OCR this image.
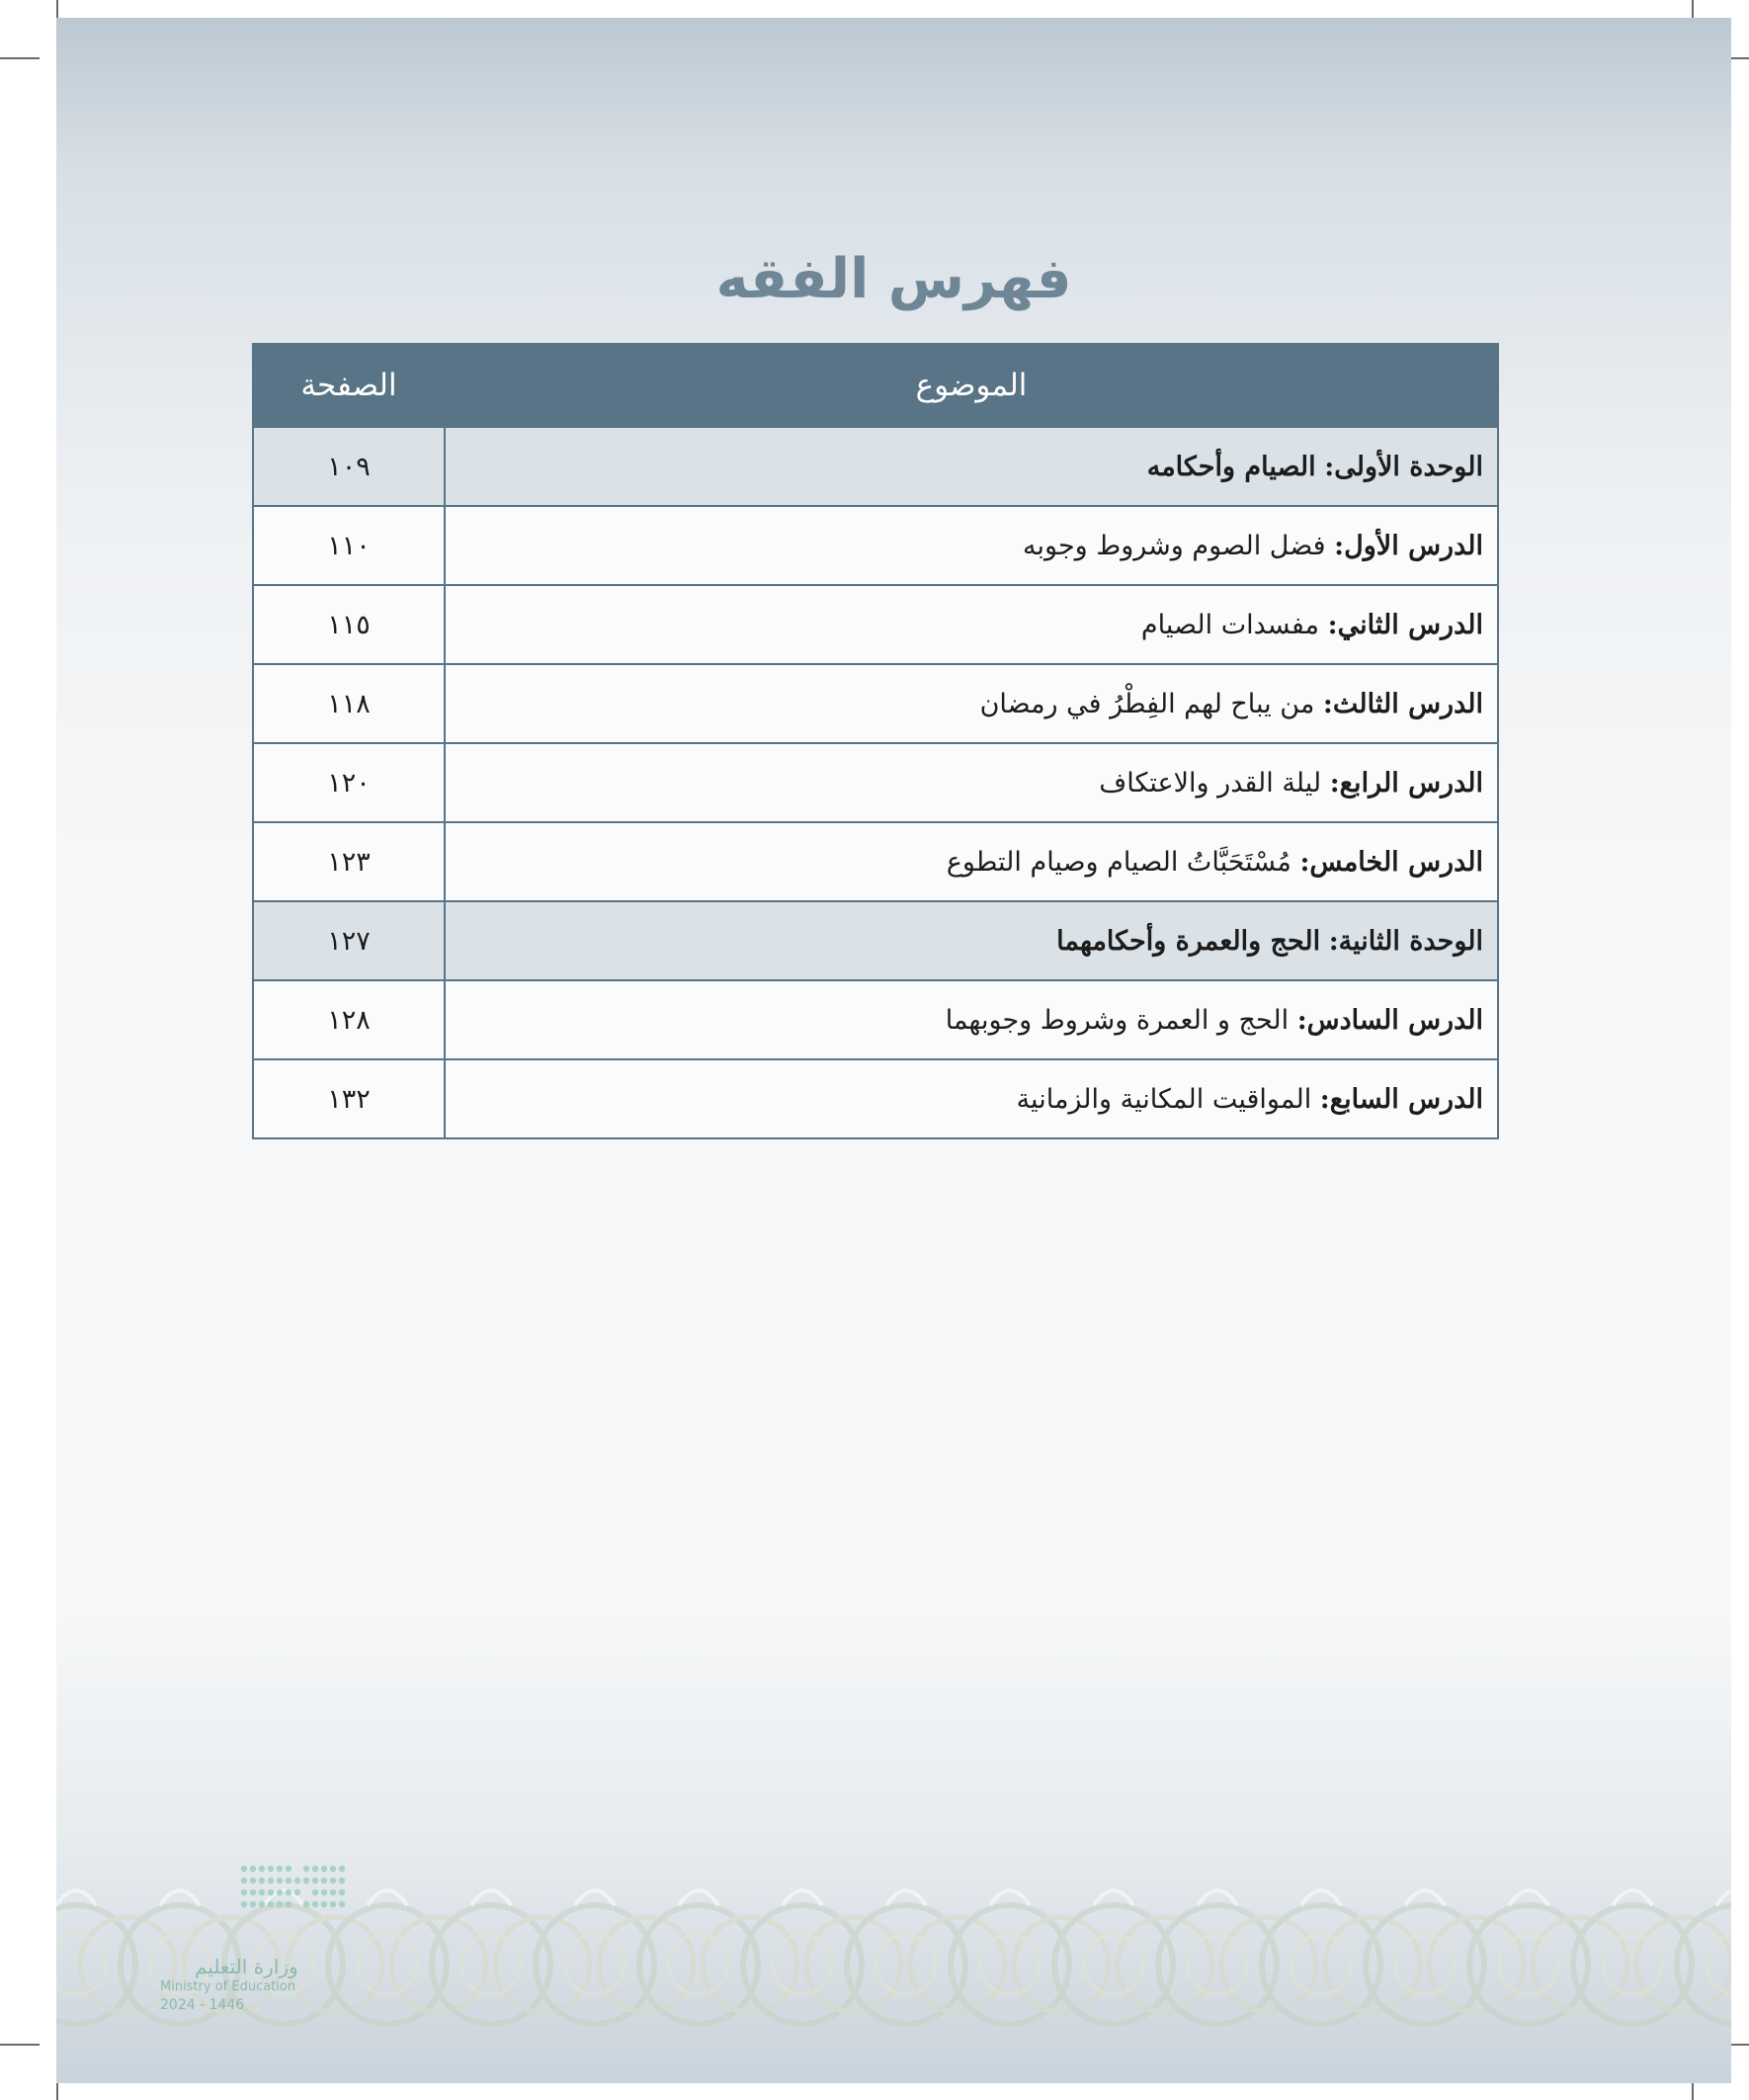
فهرس الفقه
الموضوع	الصفحة
الوحدة الأولى: الصيام وأحكامه	١٠٩
الدرس الأول: فضل الصوم وشروط وجوبه	١١٠
الدرس الثاني: مفسدات الصيام	١١٥
الدرس الثالث: من يباح لهم الفِطْرُ في رمضان	١١٨
الدرس الرابع: ليلة القدر والاعتكاف	١٢٠
الدرس الخامس: مُسْتَحَبَّاتُ الصيام وصيام التطوع	١٢٣
الوحدة الثانية: الحج والعمرة وأحكامهما	١٢٧
الدرس السادس: الحج و العمرة وشروط وجوبهما	١٢٨
الدرس السابع: المواقيت المكانية والزمانية	١٣٢
وزارة التعليم
Ministry of Education
2024 - 1446
